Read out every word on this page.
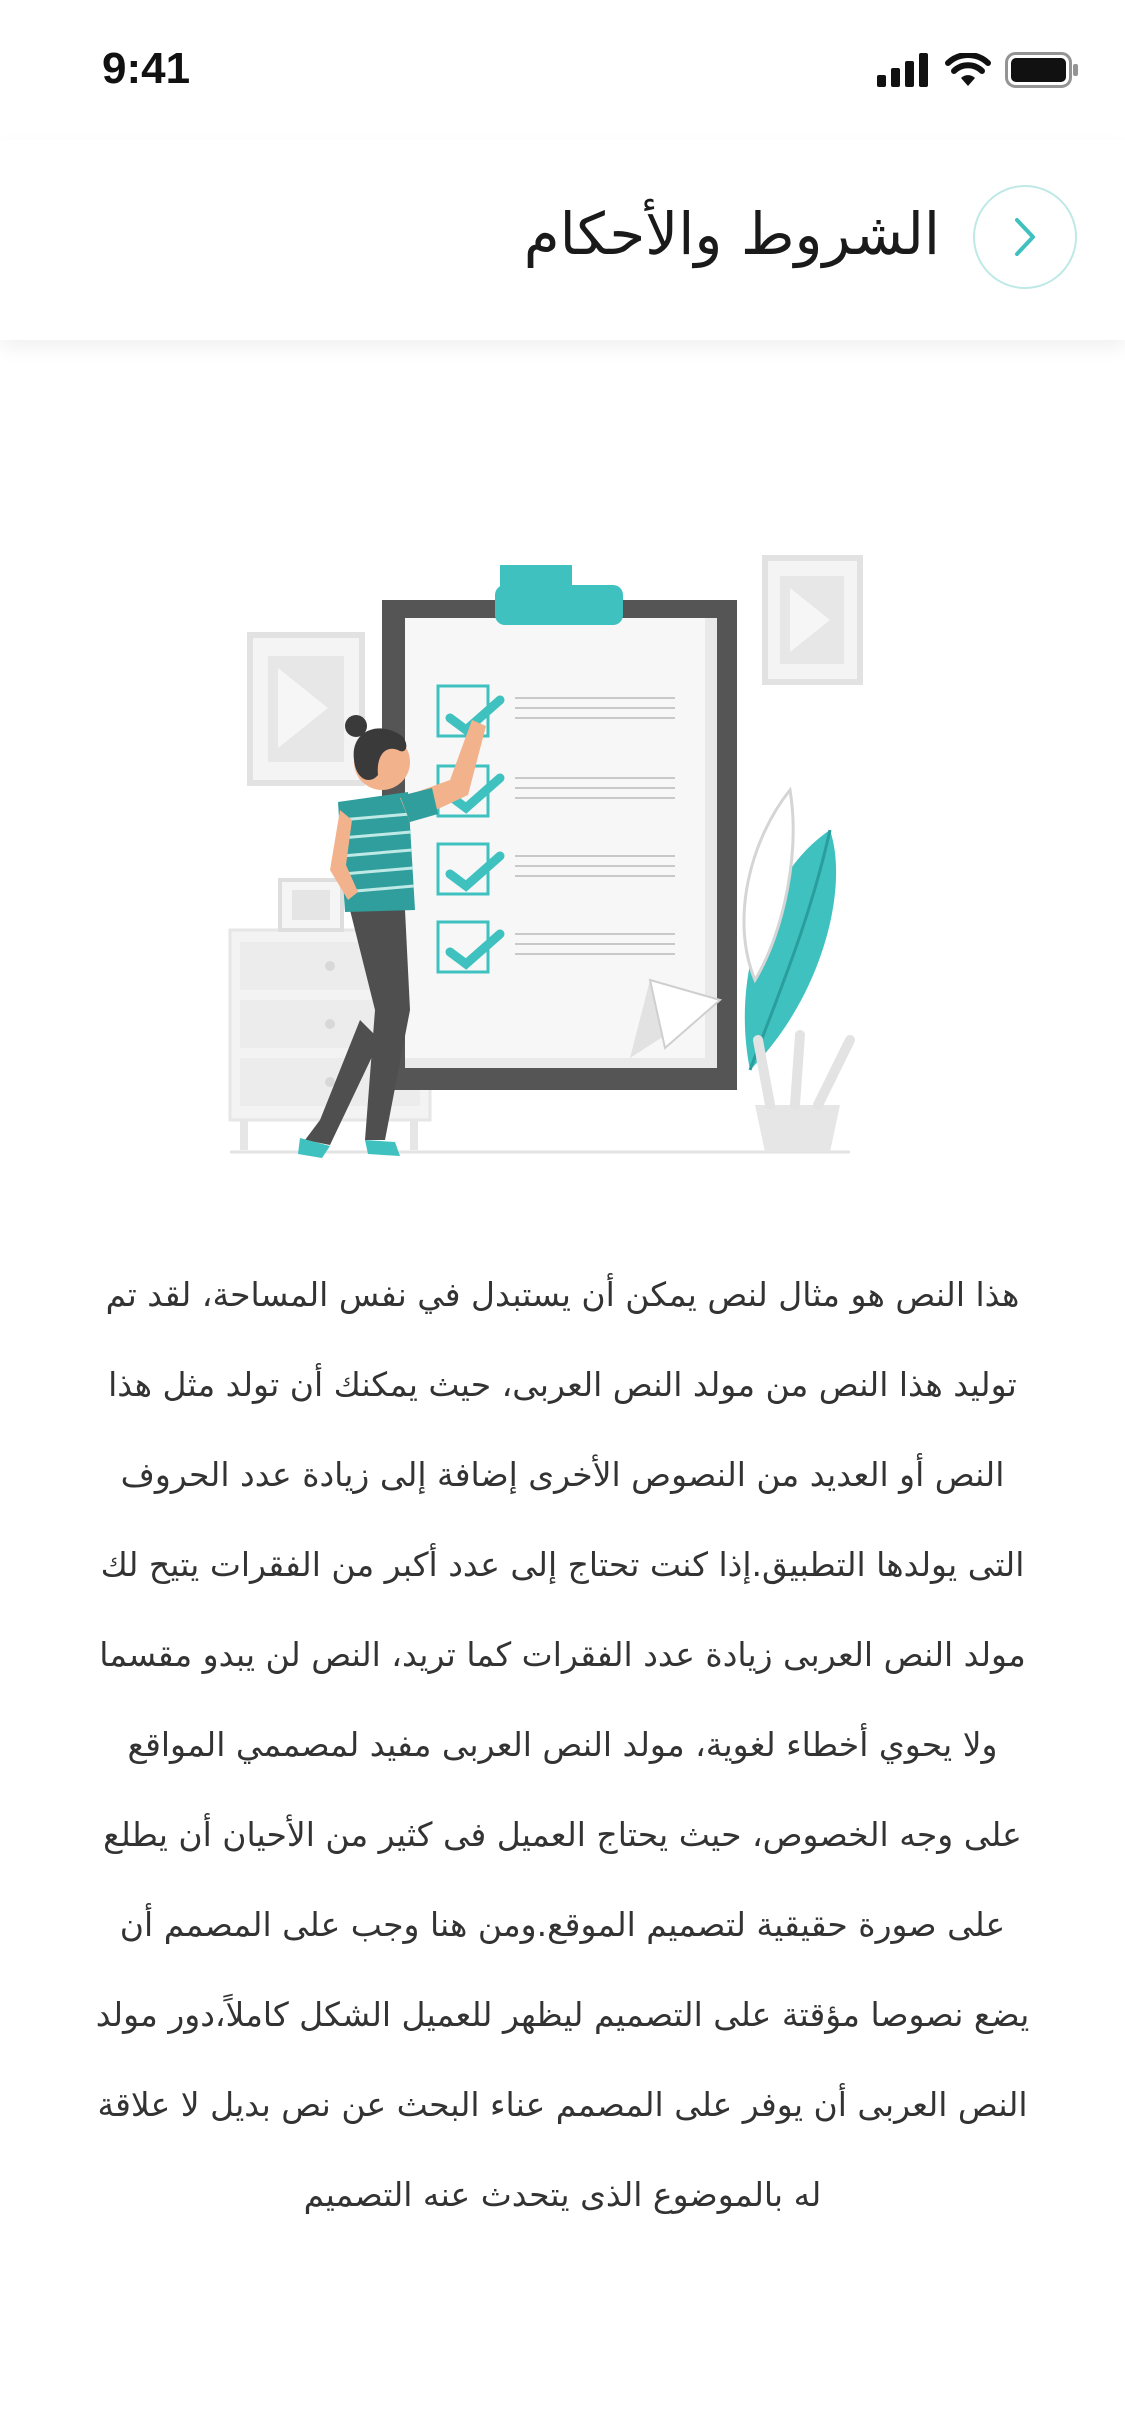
9:41
الشروط والأحكام
هذا النص هو مثال لنص يمكن أن يستبدل في نفس المساحة، لقد تم توليد هذا النص من مولد النص العربى، حيث يمكنك أن تولد مثل هذا النص أو العديد من النصوص الأخرى إضافة إلى زيادة عدد الحروف التى يولدها التطبيق.إذا كنت تحتاج إلى عدد أكبر من الفقرات يتيح لك مولد النص العربى زيادة عدد الفقرات كما تريد، النص لن يبدو مقسما ولا يحوي أخطاء لغوية، مولد النص العربى مفيد لمصممي المواقع على وجه الخصوص، حيث يحتاج العميل فى كثير من الأحيان أن يطلع على صورة حقيقية لتصميم الموقع.ومن هنا وجب على المصمم أن يضع نصوصا مؤقتة على التصميم ليظهر للعميل الشكل كاملاً،دور مولد النص العربى أن يوفر على المصمم عناء البحث عن نص بديل لا علاقة له بالموضوع الذى يتحدث عنه التصميم
